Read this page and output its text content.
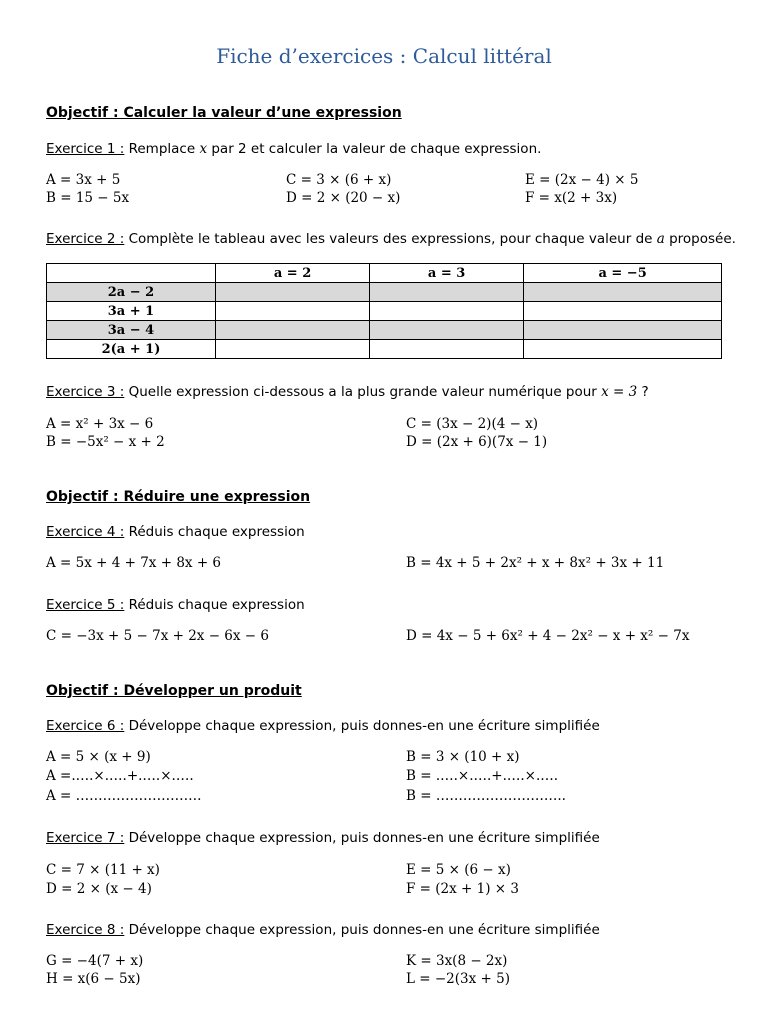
Fiche d’exercices : Calcul littéral
Objectif : Calculer la valeur d’une expression
Exercice 1 : Remplace x par 2 et calculer la valeur de chaque expression.
A = 3x + 5
B = 15 − 5x
C = 3 × (6 + x)
D = 2 × (20 − x)
E = (2x − 4) × 5
F = x(2 + 3x)
Exercice 2 : Complète le tableau avec les valeurs des expressions, pour chaque valeur de a proposée.
	a = 2	a = 3	a = −5
2a − 2			
3a + 1			
3a − 4			
2(a + 1)			
Exercice 3 : Quelle expression ci-dessous a la plus grande valeur numérique pour x = 3 ?
A = x² + 3x − 6
B = −5x² − x + 2
C = (3x − 2)(4 − x)
D = (2x + 6)(7x − 1)
Objectif : Réduire une expression
Exercice 4 : Réduis chaque expression
A = 5x + 4 + 7x + 8x + 6	B = 4x + 5 + 2x² + x + 8x² + 3x + 11
Exercice 5 : Réduis chaque expression
C = −3x + 5 − 7x + 2x − 6x − 6	D = 4x − 5 + 6x² + 4 − 2x² − x + x² − 7x
Objectif : Développer un produit
Exercice 6 : Développe chaque expression, puis donnes-en une écriture simplifiée
A = 5 × (x + 9)
A =.….×.….+.….×.….
A = ……………………….
B = 3 × (10 + x)
B = .….×.….+.….×.….
B = ………………………..
Exercice 7 : Développe chaque expression, puis donnes-en une écriture simplifiée
C = 7 × (11 + x)
D = 2 × (x − 4)
E = 5 × (6 − x)
F = (2x + 1) × 3
Exercice 8 : Développe chaque expression, puis donnes-en une écriture simplifiée
G = −4(7 + x)
H = x(6 − 5x)
K = 3x(8 − 2x)
L = −2(3x + 5)
